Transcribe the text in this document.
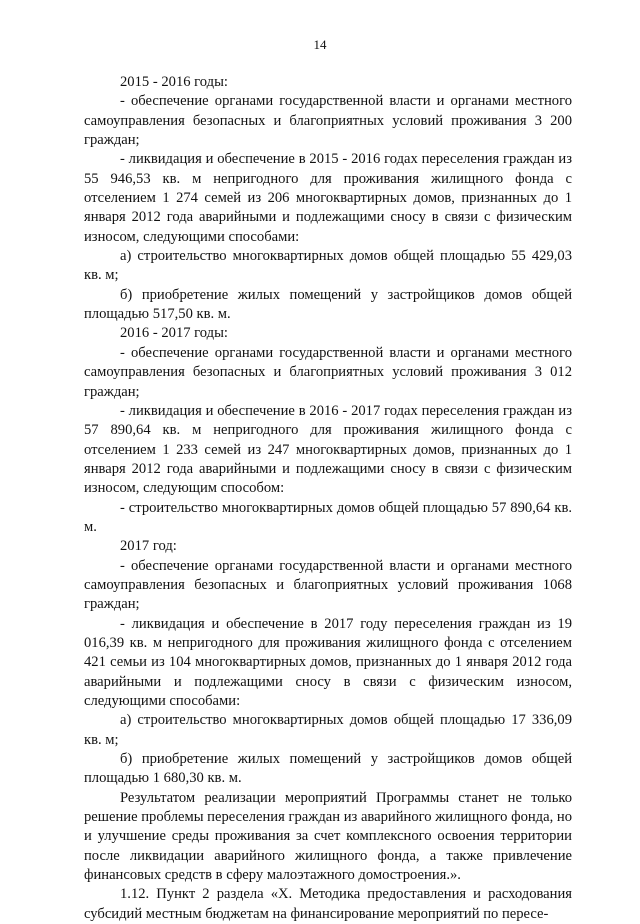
14

2015 - 2016 годы:

- обеспечение органами государственной власти и органами местного самоуправления безопасных и благоприятных условий проживания 3 200 граждан;

- ликвидация и обеспечение в 2015 - 2016 годах переселения граждан из 55 946,53 кв. м непригодного для проживания жилищного фонда с отселением 1 274 семей из 206 многоквартирных домов, признанных до 1 января 2012 года аварийными и подлежащими сносу в связи с физическим износом, следующими способами:

а) строительство многоквартирных домов общей площадью 55 429,03 кв. м;

б) приобретение жилых помещений у застройщиков домов общей площадью 517,50 кв. м.

2016 - 2017 годы:

- обеспечение органами государственной власти и органами местного самоуправления безопасных и благоприятных условий проживания 3 012 граждан;

- ликвидация и обеспечение в 2016 - 2017 годах переселения граждан из 57 890,64 кв. м непригодного для проживания жилищного фонда с отселением 1 233 семей из 247 многоквартирных домов, признанных до 1 января 2012 года аварийными и подлежащими сносу в связи с физическим износом, следующим способом:

- строительство многоквартирных домов общей площадью 57 890,64 кв. м.

2017 год:

- обеспечение органами государственной власти и органами местного самоуправления безопасных и благоприятных условий проживания 1068 граждан;

- ликвидация и обеспечение в 2017 году переселения граждан из 19 016,39 кв. м непригодного для проживания жилищного фонда с отселением 421 семьи из 104 многоквартирных домов, признанных до 1 января 2012 года аварийными и подлежащими сносу в связи с физическим износом, следующими способами:

а) строительство многоквартирных домов общей площадью 17 336,09 кв. м;

б) приобретение жилых помещений у застройщиков домов общей площадью 1 680,30 кв. м.

Результатом реализации мероприятий Программы станет не только решение проблемы переселения граждан из аварийного жилищного фонда, но и улучшение среды проживания за счет комплексного освоения территории после ликвидации аварийного жилищного фонда, а также привлечение финансовых средств в сферу малоэтажного домостроения.».

1.12. Пункт 2 раздела «Х. Методика предоставления и расходования субсидий местным бюджетам на финансирование мероприятий по пересе-
